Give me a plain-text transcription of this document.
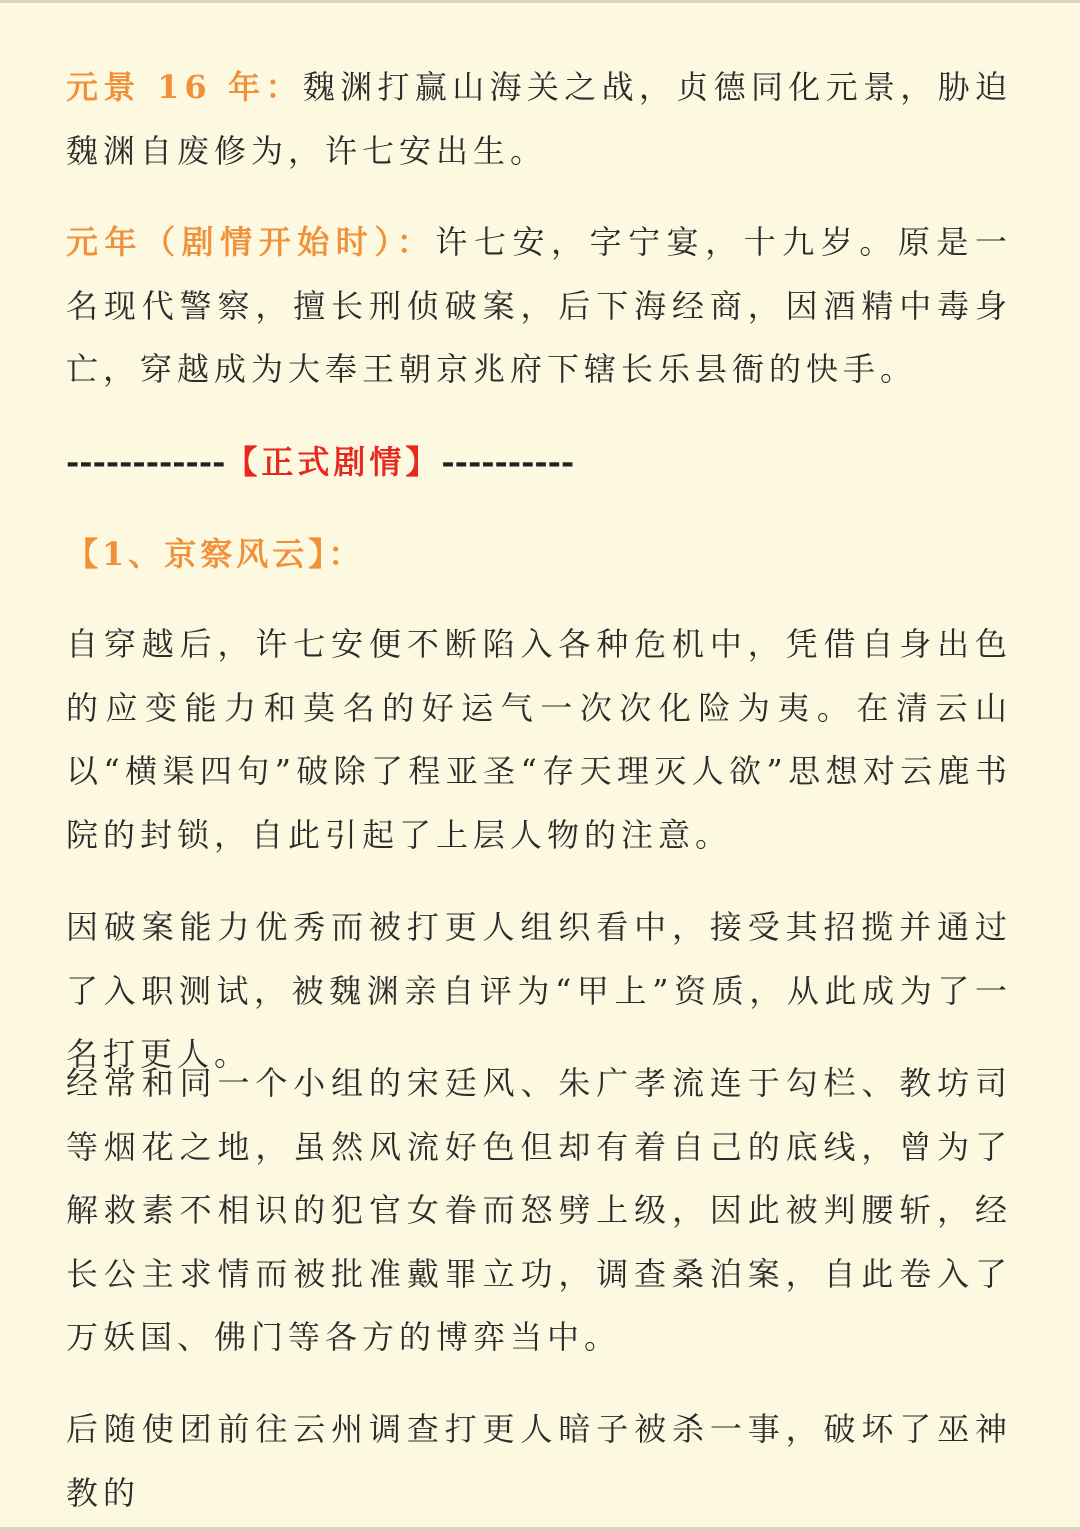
元景 16 年：魏渊打赢山海关之战，贞德同化元景，胁迫魏渊自废修为，许七安出生。

元年（剧情开始时）：许七安，字宁宴，十九岁。原是一名现代警察，擅长刑侦破案，后下海经商，因酒精中毒身亡，穿越成为大奉王朝京兆府下辖长乐县衙的快手。

------------【正式剧情】----------
【1、京察风云】：

自穿越后，许七安便不断陷入各种危机中，凭借自身出色的应变能力和莫名的好运气一次次化险为夷。在清云山以“横渠四句”破除了程亚圣“存天理灭人欲”思想对云鹿书院的封锁，自此引起了上层人物的注意。

因破案能力优秀而被打更人组织看中，接受其招揽并通过了入职测试，被魏渊亲自评为“甲上”资质，从此成为了一名打更人。

经常和同一个小组的宋廷风、朱广孝流连于勾栏、教坊司等烟花之地，虽然风流好色但却有着自己的底线，曾为了解救素不相识的犯官女眷而怒劈上级，因此被判腰斩，经长公主求情而被批准戴罪立功，调查桑泊案，自此卷入了万妖国、佛门等各方的博弈当中。

后随使团前往云州调查打更人暗子被杀一事，破坏了巫神教的
